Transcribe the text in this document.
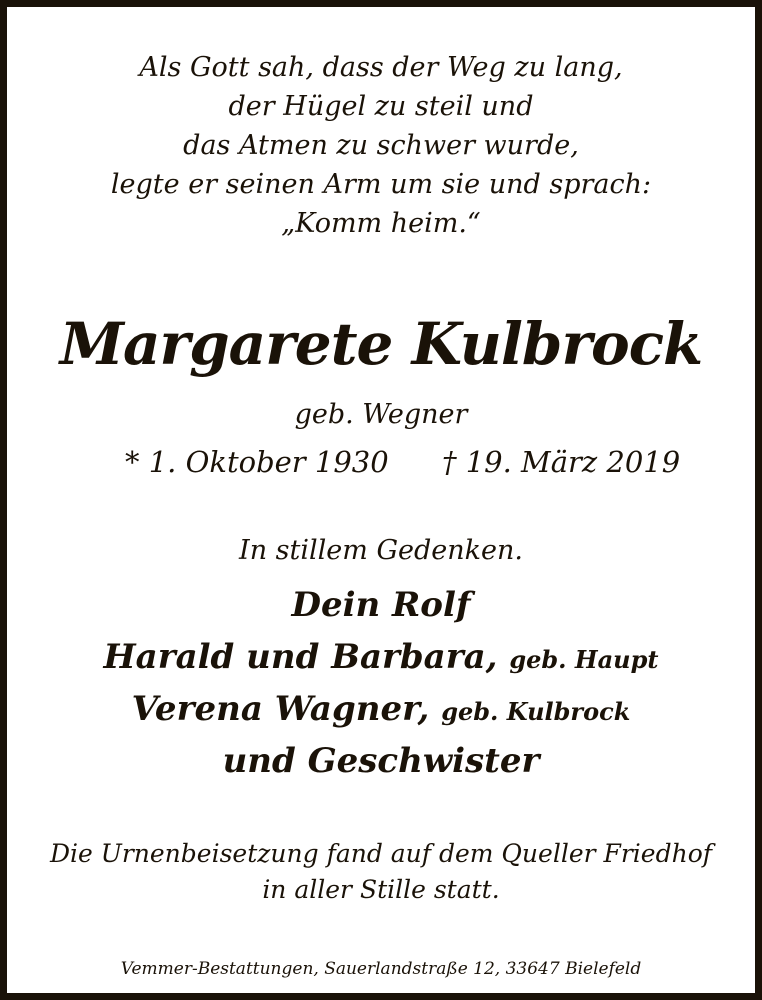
Als Gott sah, dass der Weg zu lang,
der Hügel zu steil und
das Atmen zu schwer wurde,
legte er seinen Arm um sie und sprach:
„Komm heim.“
Margarete Kulbrock
geb. Wegner
* 1. Oktober 1930 † 19. März 2019
In stillem Gedenken.
Dein Rolf
Harald und Barbara, geb. Haupt
Verena Wagner, geb. Kulbrock
und Geschwister
Die Urnenbeisetzung fand auf dem Queller Friedhof
in aller Stille statt.
Vemmer-Bestattungen, Sauerlandstraße 12, 33647 Bielefeld
